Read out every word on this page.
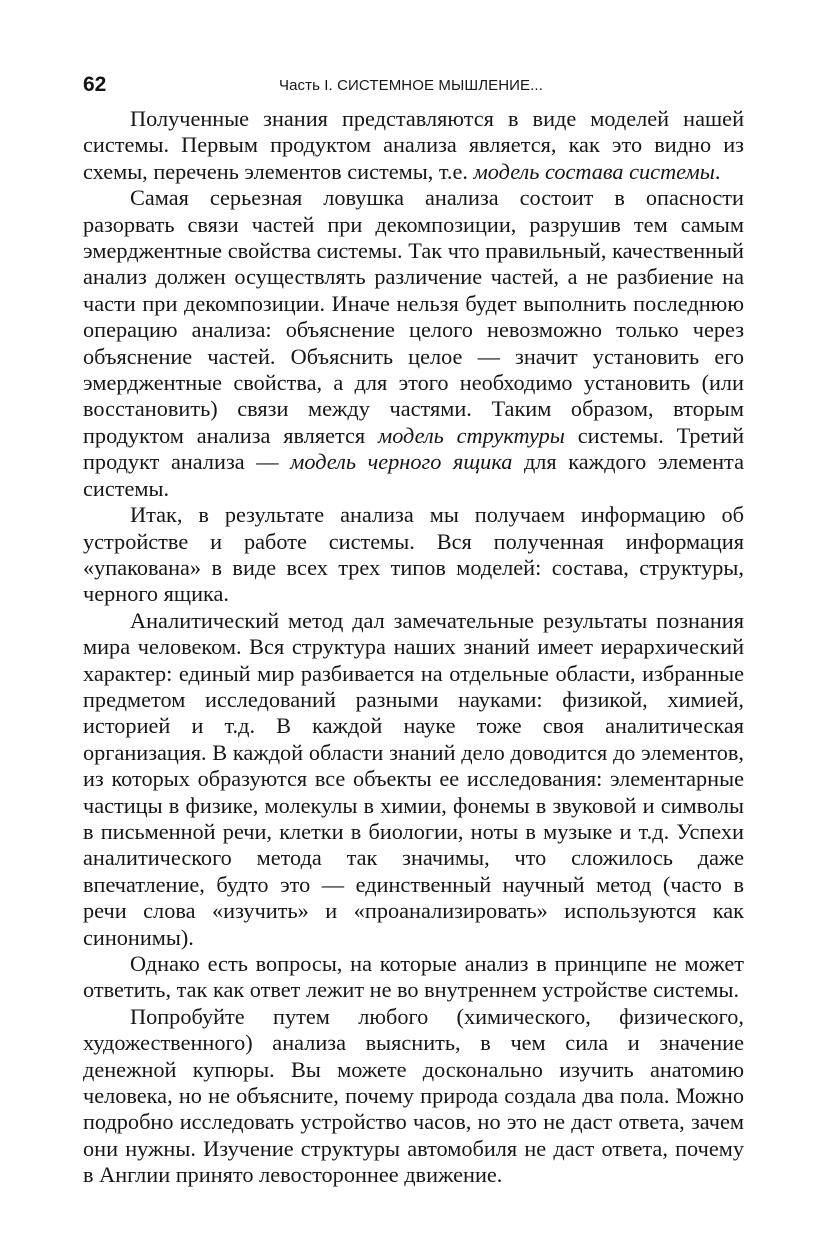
62	Часть I. СИСТЕМНОЕ МЫШЛЕНИЕ...

Полученные знания представляются в виде моделей нашей системы. Первым продуктом анализа является, как это видно из схемы, перечень элементов системы, т.е. модель состава системы.

Самая серьезная ловушка анализа состоит в опасности разорвать связи частей при декомпозиции, разрушив тем самым эмерджентные свойства системы. Так что правильный, качественный анализ должен осуществлять различение частей, а не разбиение на части при декомпозиции. Иначе нельзя будет выполнить последнюю операцию анализа: объяснение целого невозможно только через объяснение частей. Объяснить целое — значит установить его эмерджентные свойства, а для этого необходимо установить (или восстановить) связи между частями. Таким образом, вторым продуктом анализа является модель структуры системы. Третий продукт анализа — модель черного ящика для каждого элемента системы.

Итак, в результате анализа мы получаем информацию об устройстве и работе системы. Вся полученная информация «упакована» в виде всех трех типов моделей: состава, структуры, черного ящика.

Аналитический метод дал замечательные результаты познания мира человеком. Вся структура наших знаний имеет иерархический характер: единый мир разбивается на отдельные области, избранные предметом исследований разными науками: физикой, химией, историей и т.д. В каждой науке тоже своя аналитическая организация. В каждой области знаний дело доводится до элементов, из которых образуются все объекты ее исследования: элементарные частицы в физике, молекулы в химии, фонемы в звуковой и символы в письменной речи, клетки в биологии, ноты в музыке и т.д. Успехи аналитического метода так значимы, что сложилось даже впечатление, будто это — единственный научный метод (часто в речи слова «изучить» и «проанализировать» используются как синонимы).

Однако есть вопросы, на которые анализ в принципе не может ответить, так как ответ лежит не во внутреннем устройстве системы.

Попробуйте путем любого (химического, физического, художественного) анализа выяснить, в чем сила и значение денежной купюры. Вы можете досконально изучить анатомию человека, но не объясните, почему природа создала два пола. Можно подробно исследовать устройство часов, но это не даст ответа, зачем они нужны. Изучение структуры автомобиля не даст ответа, почему в Англии принято левостороннее движение.
